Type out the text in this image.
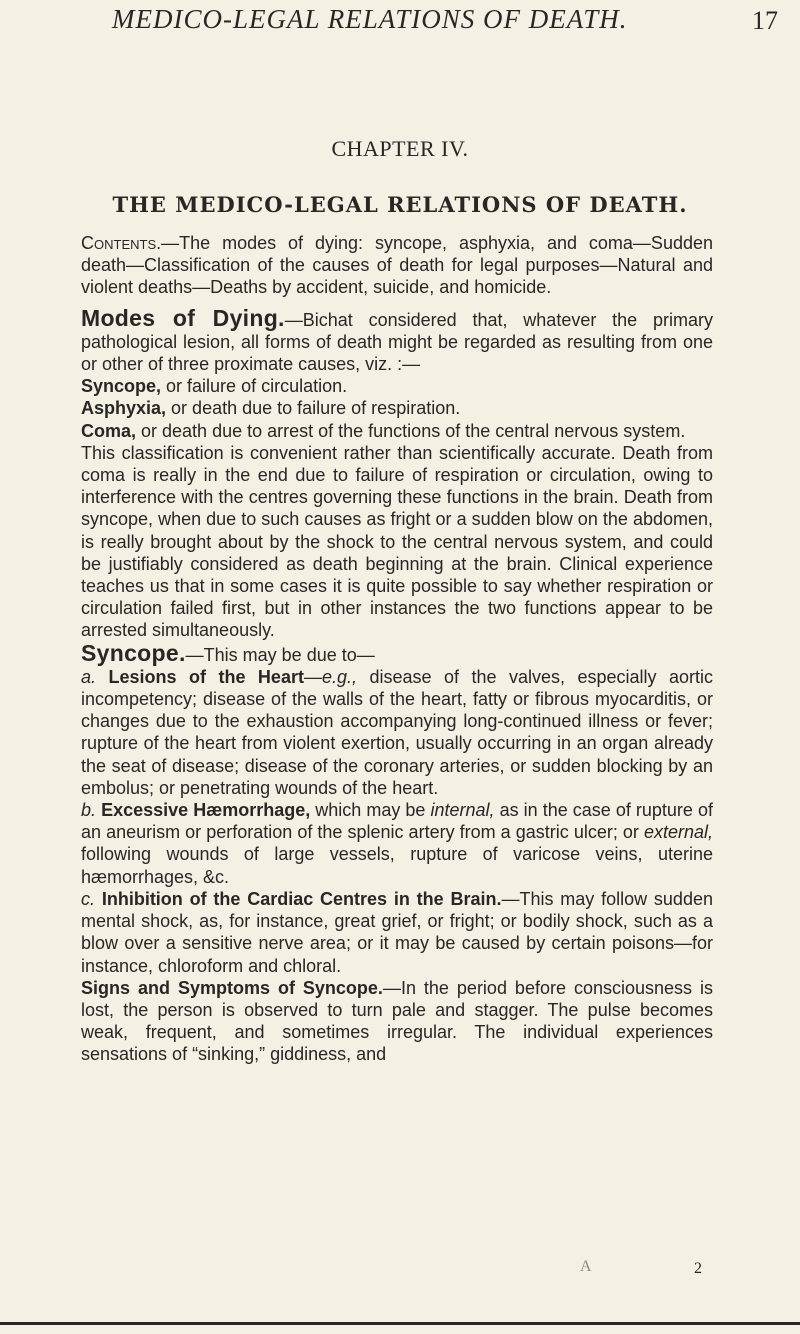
MEDICO-LEGAL RELATIONS OF DEATH.	17
CHAPTER IV.
THE MEDICO-LEGAL RELATIONS OF DEATH.

Contents.—The modes of dying: syncope, asphyxia, and coma—Sudden death—Classification of the causes of death for legal purposes—Natural and violent deaths—Deaths by accident, suicide, and homicide.

Modes of Dying.—Bichat considered that, whatever the primary pathological lesion, all forms of death might be regarded as resulting from one or other of three proximate causes, viz. :—

Syncope, or failure of circulation.

Asphyxia, or death due to failure of respiration.

Coma, or death due to arrest of the functions of the central nervous system.

This classification is convenient rather than scientifically accurate. Death from coma is really in the end due to failure of respiration or circulation, owing to interference with the centres governing these functions in the brain. Death from syncope, when due to such causes as fright or a sudden blow on the abdomen, is really brought about by the shock to the central nervous system, and could be justifiably considered as death beginning at the brain. Clinical experience teaches us that in some cases it is quite possible to say whether respiration or circulation failed first, but in other instances the two functions appear to be arrested simultaneously.

Syncope.—This may be due to—

a. Lesions of the Heart—e.g., disease of the valves, especially aortic incompetency; disease of the walls of the heart, fatty or fibrous myocarditis, or changes due to the exhaustion accompanying long-continued illness or fever; rupture of the heart from violent exertion, usually occurring in an organ already the seat of disease; disease of the coronary arteries, or sudden blocking by an embolus; or penetrating wounds of the heart.

b. Excessive Hæmorrhage, which may be internal, as in the case of rupture of an aneurism or perforation of the splenic artery from a gastric ulcer; or external, following wounds of large vessels, rupture of varicose veins, uterine hæmorrhages, &c.

c. Inhibition of the Cardiac Centres in the Brain.—This may follow sudden mental shock, as, for instance, great grief, or fright; or bodily shock, such as a blow over a sensitive nerve area; or it may be caused by certain poisons—for instance, chloroform and chloral.

Signs and Symptoms of Syncope.—In the period before consciousness is lost, the person is observed to turn pale and stagger. The pulse becomes weak, frequent, and sometimes irregular. The individual experiences sensations of “sinking,” giddiness, and

A	2
